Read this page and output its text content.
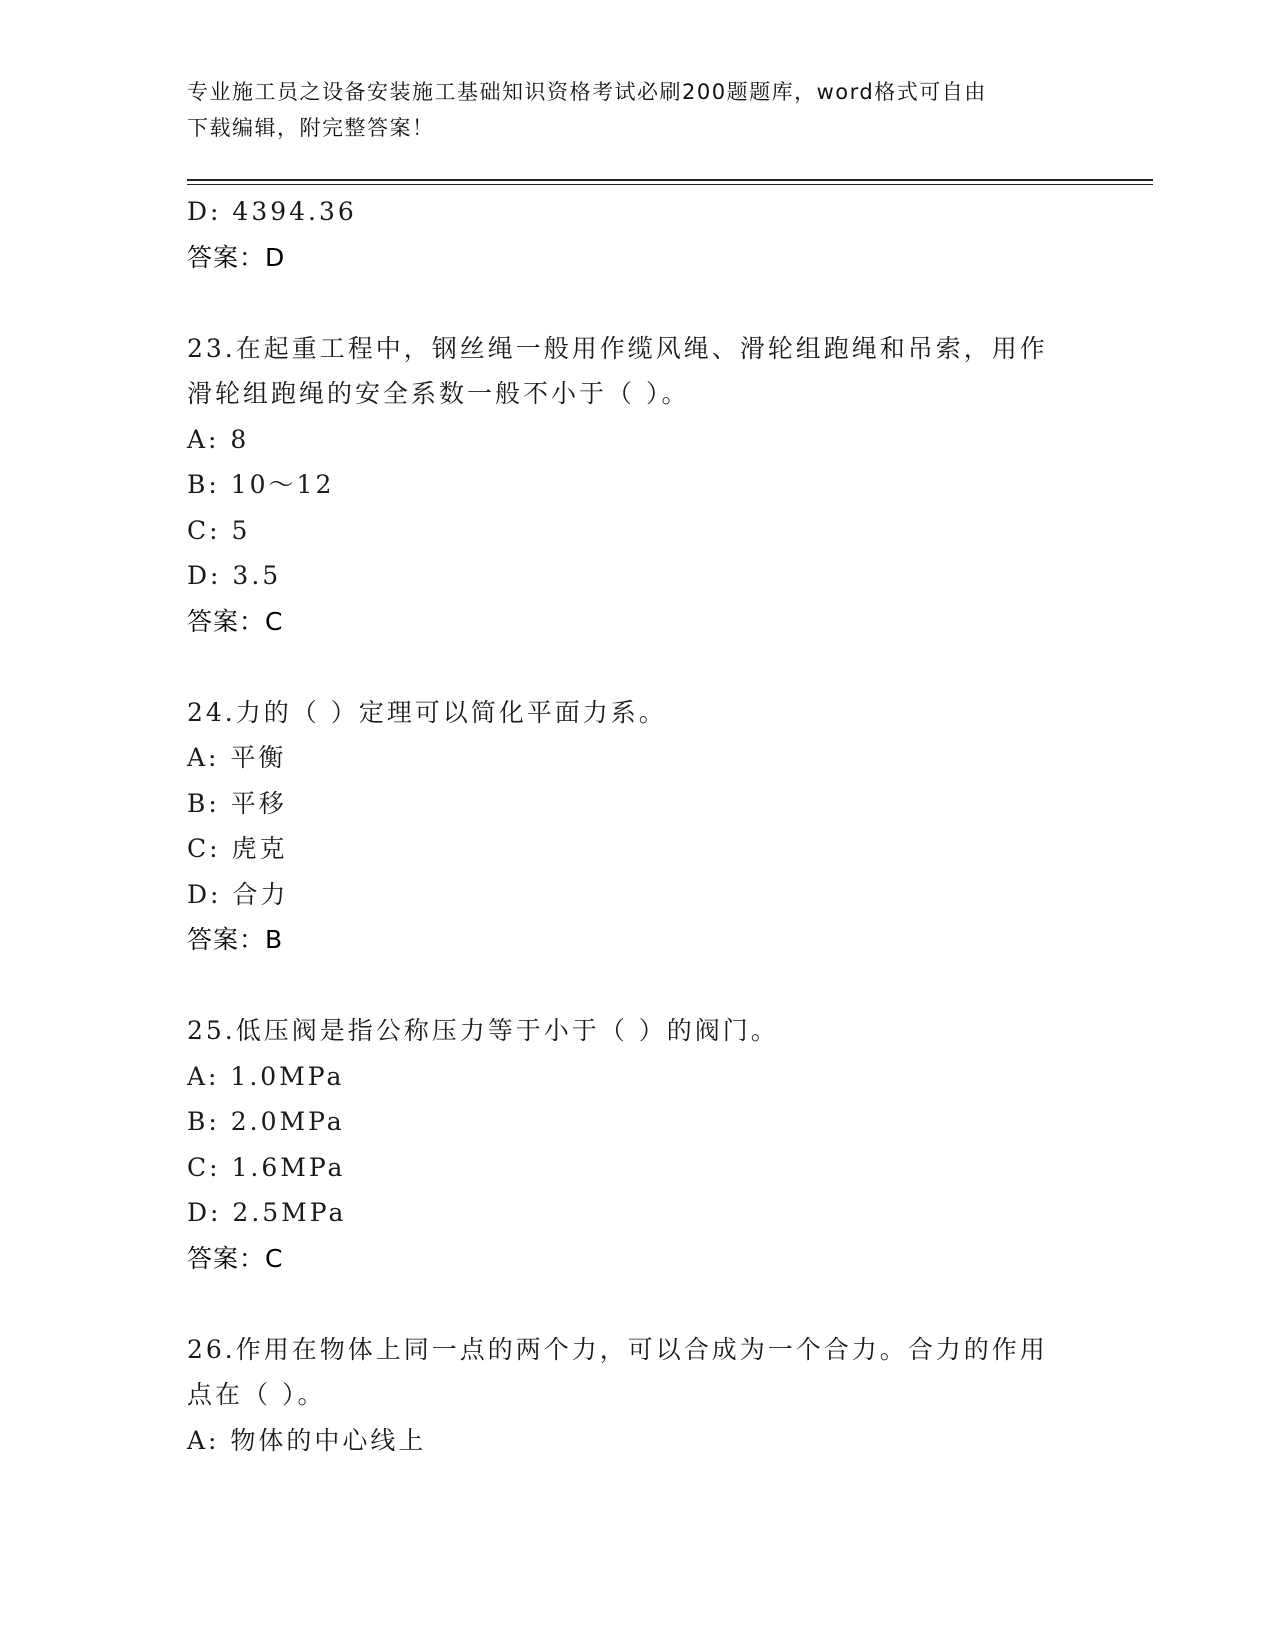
专业施工员之设备安装施工基础知识资格考试必刷200题题库，word格式可自由
下载编辑，附完整答案！
D: 4394.36
答案：D
23.在起重工程中，钢丝绳一般用作缆风绳、滑轮组跑绳和吊索，用作
滑轮组跑绳的安全系数一般不小于（ ）。
A: 8
B: 10～12
C: 5
D: 3.5
答案：C
24.力的（ ）定理可以简化平面力系。
A: 平衡
B: 平移
C: 虎克
D: 合力
答案：B
25.低压阀是指公称压力等于小于（ ）的阀门。
A: 1.0MPa
B: 2.0MPa
C: 1.6MPa
D: 2.5MPa
答案：C
26.作用在物体上同一点的两个力，可以合成为一个合力。合力的作用
点在（ ）。
A: 物体的中心线上
